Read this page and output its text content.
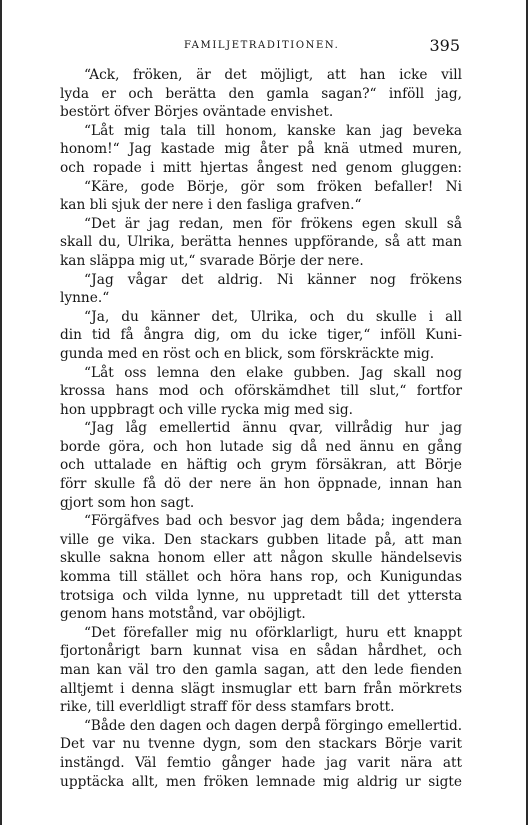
FAMILJETRADITIONEN.	395
“Ack, fröken, är det möjligt, att han icke vill
lyda er och berätta den gamla sagan?“ inföll jag,
bestört öfver Börjes oväntade envishet.
“Låt mig tala till honom, kanske kan jag beveka
honom!“ Jag kastade mig åter på knä utmed muren,
och ropade i mitt hjertas ångest ned genom gluggen:
“Käre, gode Börje, gör som fröken befaller! Ni
kan bli sjuk der nere i den fasliga grafven.“
“Det är jag redan, men för frökens egen skull så
skall du, Ulrika, berätta hennes uppförande, så att man
kan släppa mig ut,“ svarade Börje der nere.
“Jag vågar det aldrig. Ni känner nog frökens
lynne.“
“Ja, du känner det, Ulrika, och du skulle i all
din tid få ångra dig, om du icke tiger,“ inföll Kuni-
gunda med en röst och en blick, som förskräckte mig.
“Låt oss lemna den elake gubben. Jag skall nog
krossa hans mod och oförskämdhet till slut,“ fortfor
hon uppbragt och ville rycka mig med sig.
“Jag låg emellertid ännu qvar, villrådig hur jag
borde göra, och hon lutade sig då ned ännu en gång
och uttalade en häftig och grym försäkran, att Börje
förr skulle få dö der nere än hon öppnade, innan han
gjort som hon sagt.
“Förgäfves bad och besvor jag dem båda; ingendera
ville ge vika. Den stackars gubben litade på, att man
skulle sakna honom eller att någon skulle händelsevis
komma till stället och höra hans rop, och Kunigundas
trotsiga och vilda lynne, nu uppretadt till det yttersta
genom hans motstånd, var oböjligt.
“Det förefaller mig nu oförklarligt, huru ett knappt
fjortonårigt barn kunnat visa en sådan hårdhet, och
man kan väl tro den gamla sagan, att den lede fienden
alltjemt i denna slägt insmuglar ett barn från mörkrets
rike, till everldligt straff för dess stamfars brott.
“Både den dagen och dagen derpå förgingo emellertid.
Det var nu tvenne dygn, som den stackars Börje varit
instängd. Väl femtio gånger hade jag varit nära att
upptäcka allt, men fröken lemnade mig aldrig ur sigte
